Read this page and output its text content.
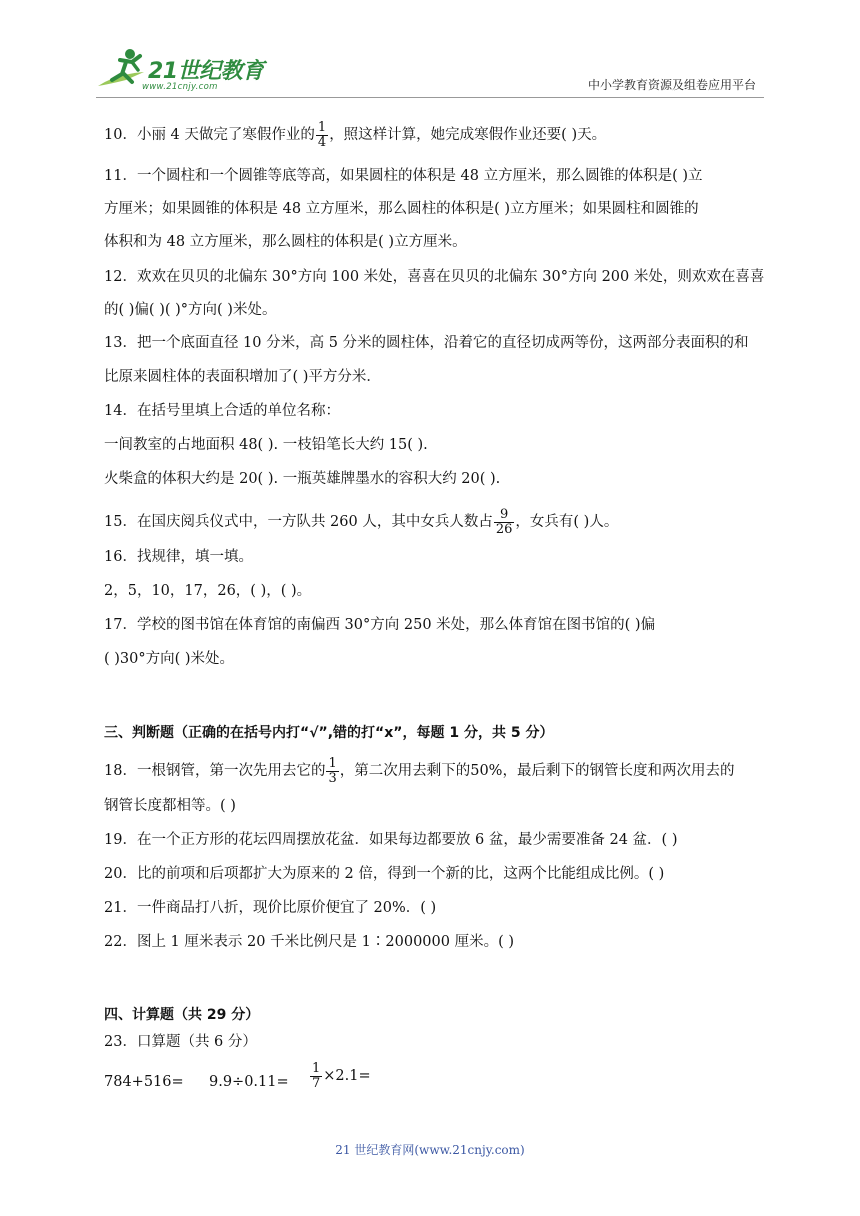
21世纪教育
www.21cnjy.com	中小学教育资源及组卷应用平台
10．小丽 4 天做完了寒假作业的 $\frac{1}{4}$ ，照这样计算，她完成寒假作业还要( )天。
11．一个圆柱和一个圆锥等底等高，如果圆柱的体积是 48 立方厘米，那么圆锥的体积是( )立
方厘米；如果圆锥的体积是 48 立方厘米，那么圆柱的体积是( )立方厘米；如果圆柱和圆锥的
体积和为 48 立方厘米，那么圆柱的体积是( )立方厘米。
12．欢欢在贝贝的北偏东 30°方向 100 米处，喜喜在贝贝的北偏东 30°方向 200 米处，则欢欢在喜喜
的( )偏( )( )°方向( )米处。
13．把一个底面直径 10 分米，高 5 分米的圆柱体，沿着它的直径切成两等份，这两部分表面积的和
比原来圆柱体的表面积增加了( )平方分米．
14．在括号里填上合适的单位名称：
一间教室的占地面积 48( ). 一枝铅笔长大约 15( ).
火柴盒的体积大约是 20( ). 一瓶英雄牌墨水的容积大约 20( ).
15．在国庆阅兵仪式中，一方队共 260 人，其中女兵人数占 $\frac{9}{26}$ ，女兵有( )人。
16．找规律，填一填。
2，5，10，17，26，( )，( )。
17．学校的图书馆在体育馆的南偏西 30°方向 250 米处，那么体育馆在图书馆的( )偏
( )30°方向( )米处。
三、判断题（正确的在括号内打“√”,错的打“x”，每题 1 分，共 5 分）
18．一根钢管，第一次先用去它的 $\frac{1}{3}$ ，第二次用去剩下的50%，最后剩下的钢管长度和两次用去的
钢管长度都相等。( )
19．在一个正方形的花坛四周摆放花盆．如果每边都要放 6 盆，最少需要准备 24 盆．( )
20．比的前项和后项都扩大为原来的 2 倍，得到一个新的比，这两个比能组成比例。( )
21．一件商品打八折，现价比原价便宜了 20%．( )
22．图上 1 厘米表示 20 千米比例尺是 1∶2000000 厘米。( )
四、计算题（共 29 分）
23．口算题（共 6 分）
$784+516= 9.9\div 0.11= \frac{1}{7} \times 2.1=$
21 世纪教育网(www.21cnjy.com)
